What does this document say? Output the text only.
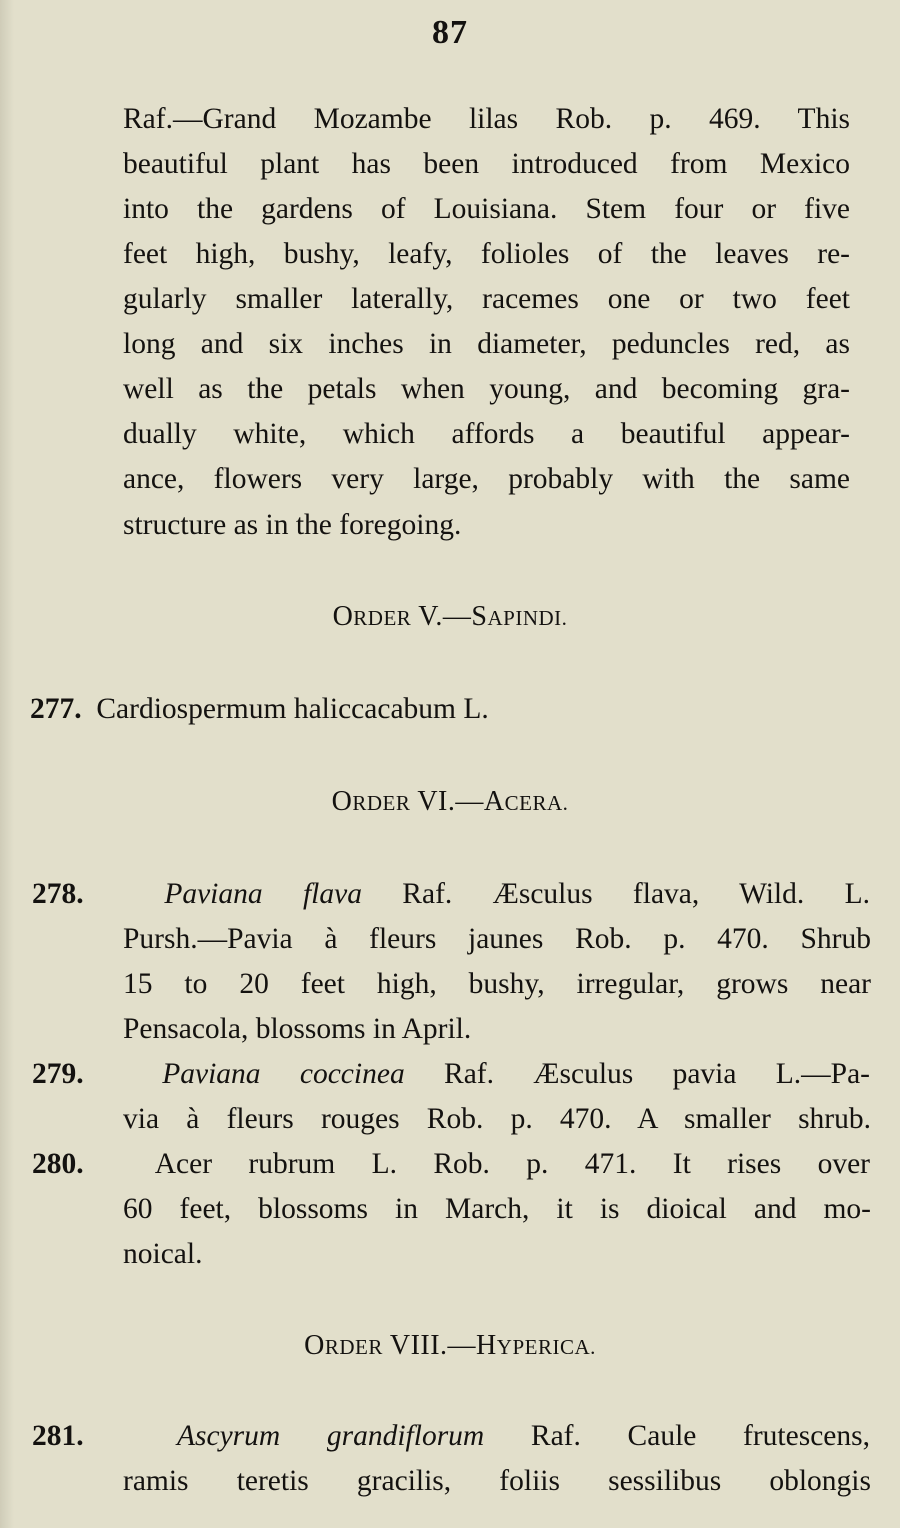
87
Raf.—Grand Mozambe lilas Rob. p. 469. This
beautiful plant has been introduced from Mexico
into the gardens of Louisiana. Stem four or five
feet high, bushy, leafy, folioles of the leaves re-
gularly smaller laterally, racemes one or two feet
long and six inches in diameter, peduncles red, as
well as the petals when young, and becoming gra-
dually white, which affords a beautiful appear-
ance, flowers very large, probably with the same
structure as in the foregoing.
ORDER V.—SAPINDI.
277. Cardiospermum haliccacabum L.
ORDER VI.—ACERA.
278.	Paviana flava Raf. Æsculus flava, Wild. L.
Pursh.—Pavia à fleurs jaunes Rob. p. 470. Shrub
15 to 20 feet high, bushy, irregular, grows near
Pensacola, blossoms in April.
279.	Paviana coccinea Raf. Æsculus pavia L.—Pa-
via à fleurs rouges Rob. p. 470. A smaller shrub.
280. Acer rubrum L. Rob. p. 471. It rises over
60 feet, blossoms in March, it is dioical and mo-
noical.
ORDER VIII.—HYPERICA.
281.	Ascyrum grandiflorum Raf. Caule frutescens,
ramis teretis gracilis, foliis sessilibus oblongis
